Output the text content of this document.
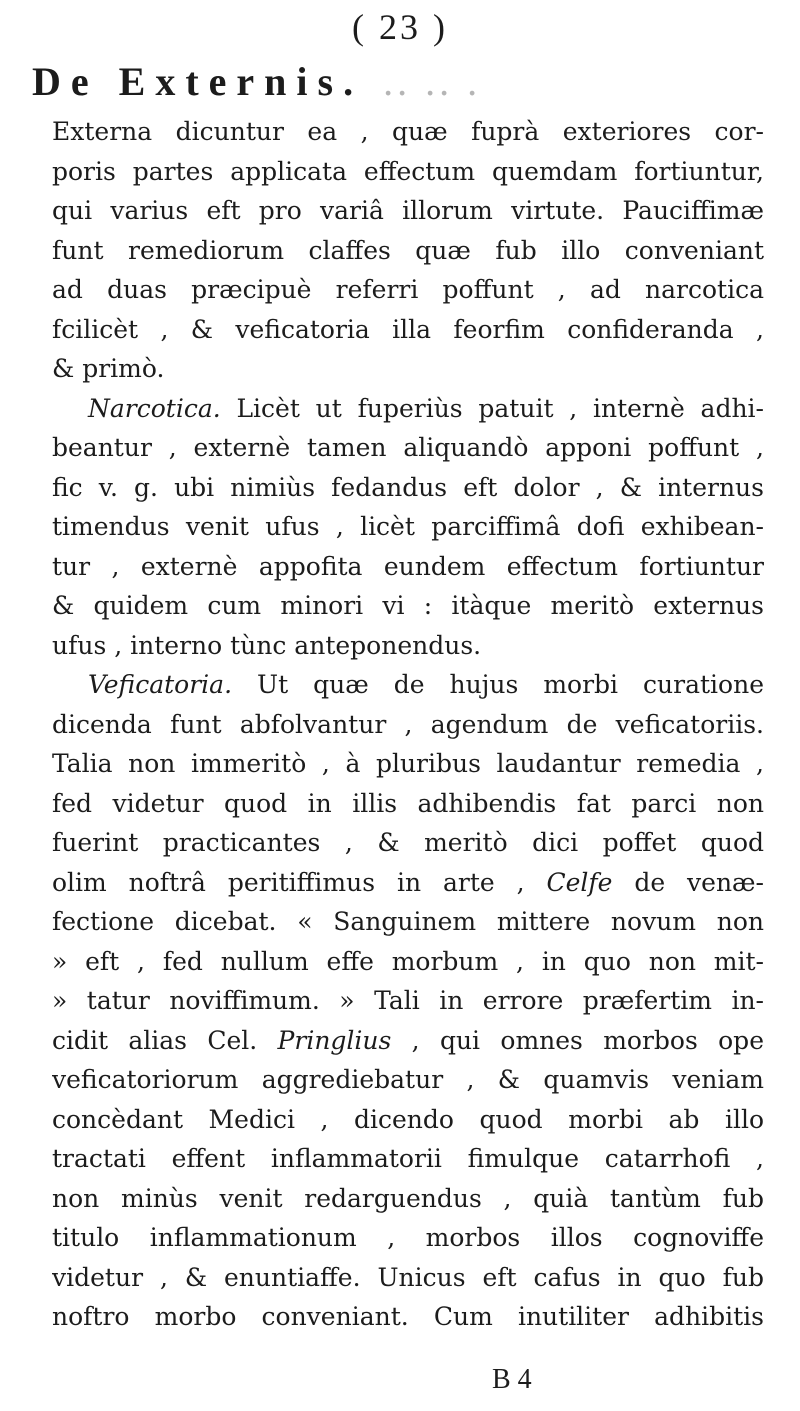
( 23 )
De Externis. .. .. .
Externa dicuntur ea , quæ fuprà exteriores cor-
poris partes applicata effectum quemdam fortiuntur,
qui varius eft pro variâ illorum virtute. Pauciffimæ
funt remediorum claffes quæ fub illo conveniant
ad duas præcipuè referri poffunt , ad narcotica
fcilicèt , & veficatoria illa feorfim confideranda ,
& primò.
Narcotica. Licèt ut fuperiùs patuit , internè adhi-
beantur , externè tamen aliquandò apponi poffunt ,
fic v. g. ubi nimiùs fedandus eft dolor , & internus
timendus venit ufus , licèt parciffimâ dofi exhibean-
tur , externè appofita eundem effectum fortiuntur
& quidem cum minori vi : itàque meritò externus
ufus , interno tùnc anteponendus.
Veficatoria. Ut quæ de hujus morbi curatione
dicenda funt abfolvantur , agendum de veficatoriis.
Talia non immeritò , à pluribus laudantur remedia ,
fed videtur quod in illis adhibendis fat parci non
fuerint practicantes , & meritò dici poffet quod
olim noftrâ peritiffimus in arte , Celfe de venæ-
fectione dicebat. « Sanguinem mittere novum non
» eft , fed nullum effe morbum , in quo non mit-
» tatur noviffimum. » Tali in errore præfertim in-
cidit alias Cel. Pringlius , qui omnes morbos ope
veficatoriorum aggrediebatur , & quamvis veniam
concèdant Medici , dicendo quod morbi ab illo
tractati effent inflammatorii fimulque catarrhofi ,
non minùs venit redarguendus , quià tantùm fub
titulo inflammationum , morbos illos cognoviffe
videtur , & enuntiaffe. Unicus eft cafus in quo fub
noftro morbo conveniant. Cum inutiliter adhibitis
B 4
